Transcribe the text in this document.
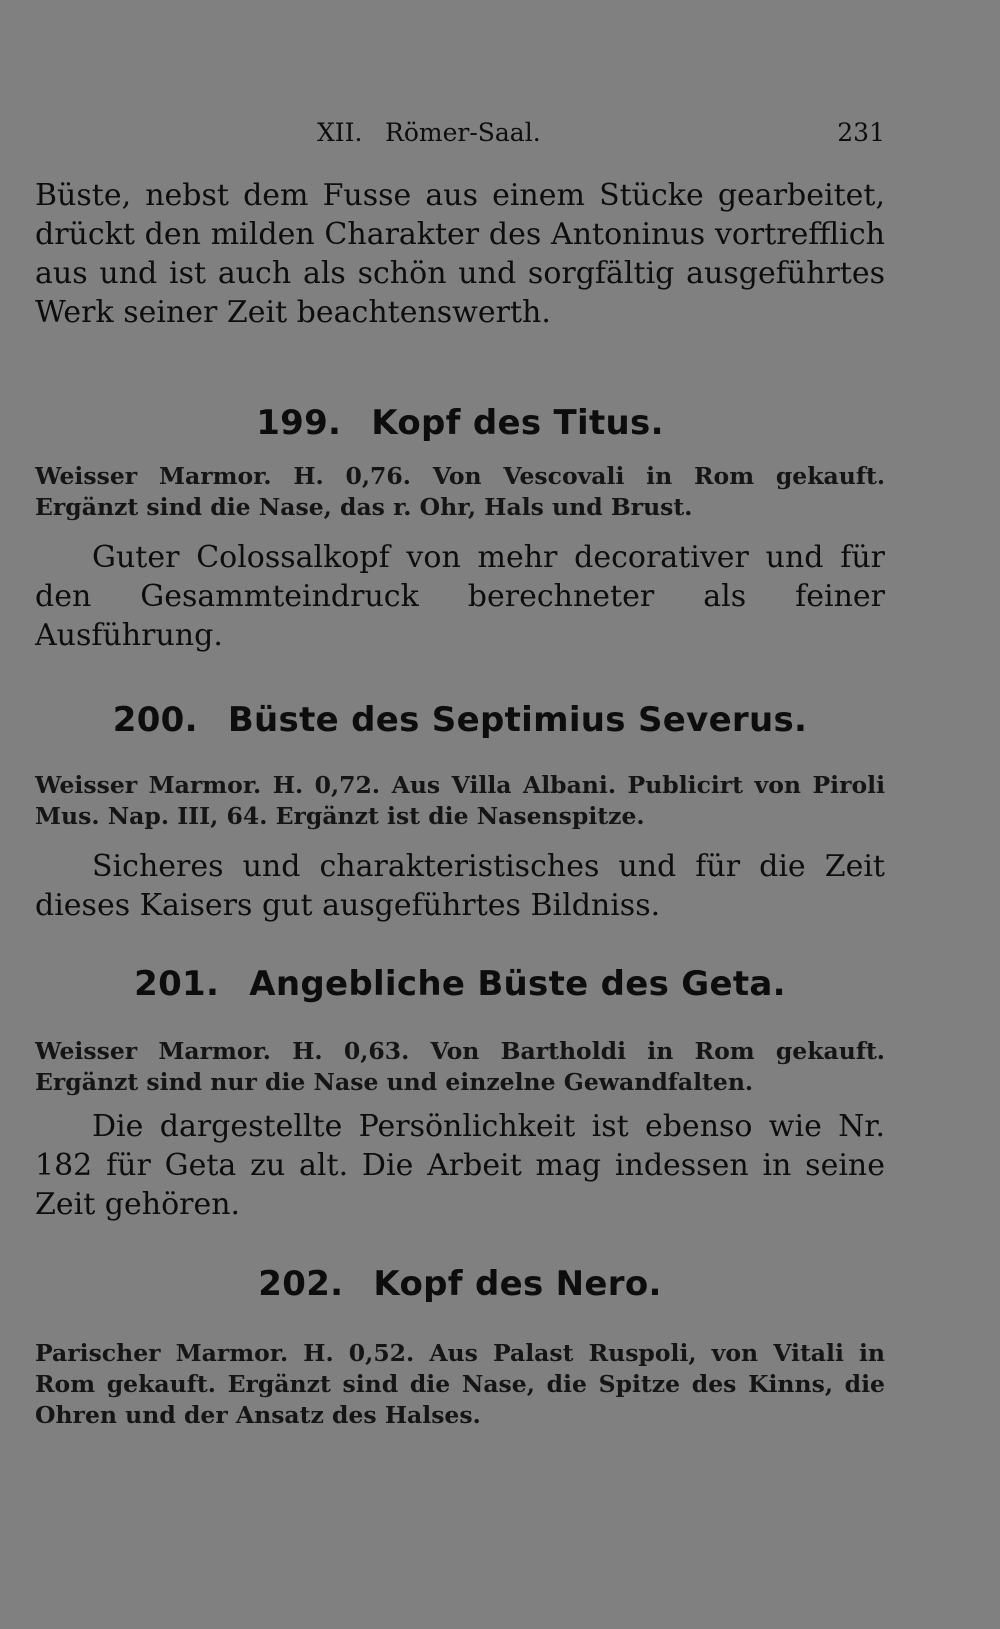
XII. Römer-Saal.	231

Büste, nebst dem Fusse aus einem Stücke gearbeitet, drückt den milden Charakter des Antoninus vortrefflich aus und ist auch als schön und sorgfältig ausgeführtes Werk seiner Zeit beachtenswerth.

199. Kopf des Titus.

Weisser Marmor. H. 0,76. Von Vescovali in Rom gekauft. Ergänzt sind die Nase, das r. Ohr, Hals und Brust.

Guter Colossalkopf von mehr decorativer und für den Gesammteindruck berechneter als feiner Ausführung.

200. Büste des Septimius Severus.

Weisser Marmor. H. 0,72. Aus Villa Albani. Publicirt von Piroli Mus. Nap. III, 64. Ergänzt ist die Nasenspitze.

Sicheres und charakteristisches und für die Zeit dieses Kaisers gut ausgeführtes Bildniss.

201. Angebliche Büste des Geta.

Weisser Marmor. H. 0,63. Von Bartholdi in Rom gekauft. Ergänzt sind nur die Nase und einzelne Gewandfalten.

Die dargestellte Persönlichkeit ist ebenso wie Nr. 182 für Geta zu alt. Die Arbeit mag indessen in seine Zeit gehören.

202. Kopf des Nero.

Parischer Marmor. H. 0,52. Aus Palast Ruspoli, von Vitali in Rom gekauft. Ergänzt sind die Nase, die Spitze des Kinns, die Ohren und der Ansatz des Halses.
